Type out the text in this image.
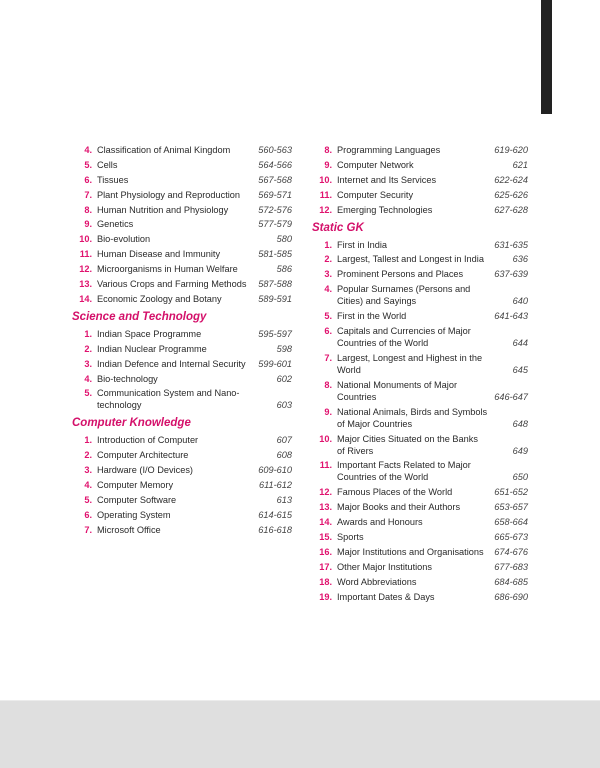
4. Classification of Animal Kingdom	560-563
5. Cells	564-566
6. Tissues	567-568
7. Plant Physiology and Reproduction	569-571
8. Human Nutrition and Physiology	572-576
9. Genetics	577-579
10. Bio-evolution	580
11. Human Disease and Immunity	581-585
12. Microorganisms in Human Welfare	586
13. Various Crops and Farming Methods	587-588
14. Economic Zoology and Botany	589-591
Science and Technology
1. Indian Space Programme	595-597
2. Indian Nuclear Programme	598
3. Indian Defence and Internal Security	599-601
4. Bio-technology	602
5. Communication System and Nano-technology	603
Computer Knowledge
1. Introduction of Computer	607
2. Computer Architecture	608
3. Hardware (I/O Devices)	609-610
4. Computer Memory	611-612
5. Computer Software	613
6. Operating System	614-615
7. Microsoft Office	616-618
8. Programming Languages	619-620
9. Computer Network	621
10. Internet and Its Services	622-624
11. Computer Security	625-626
12. Emerging Technologies	627-628
Static GK
1. First in India	631-635
2. Largest, Tallest and Longest in India	636
3. Prominent Persons and Places	637-639
4. Popular Surnames (Persons and Cities) and Sayings	640
5. First in the World	641-643
6. Capitals and Currencies of Major Countries of the World	644
7. Largest, Longest and Highest in the World	645
8. National Monuments of Major Countries	646-647
9. National Animals, Birds and Symbols of Major Countries	648
10. Major Cities Situated on the Banks of Rivers	649
11. Important Facts Related to Major Countries of the World	650
12. Famous Places of the World	651-652
13. Major Books and their Authors	653-657
14. Awards and Honours	658-664
15. Sports	665-673
16. Major Institutions and Organisations	674-676
17. Other Major Institutions	677-683
18. Word Abbreviations	684-685
19. Important Dates & Days	686-690
